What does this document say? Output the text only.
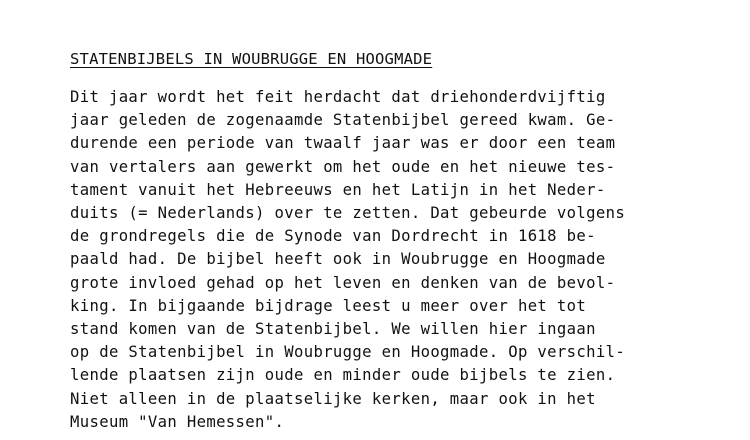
STATENBIJBELS IN WOUBRUGGE EN HOOGMADE
Dit jaar wordt het feit herdacht dat driehonderdvijftig
jaar geleden de zogenaamde Statenbijbel gereed kwam. Ge-
durende een periode van twaalf jaar was er door een team
van vertalers aan gewerkt om het oude en het nieuwe tes-
tament vanuit het Hebreeuws en het Latijn in het Neder-
duits (= Nederlands) over te zetten. Dat gebeurde volgens
de grondregels die de Synode van Dordrecht in 1618 be-
paald had. De bijbel heeft ook in Woubrugge en Hoogmade
grote invloed gehad op het leven en denken van de bevol-
king. In bijgaande bijdrage leest u meer over het tot
stand komen van de Statenbijbel. We willen hier ingaan
op de Statenbijbel in Woubrugge en Hoogmade. Op verschil-
lende plaatsen zijn oude en minder oude bijbels te zien.
Niet alleen in de plaatselijke kerken, maar ook in het
Museum "Van Hemessen".
